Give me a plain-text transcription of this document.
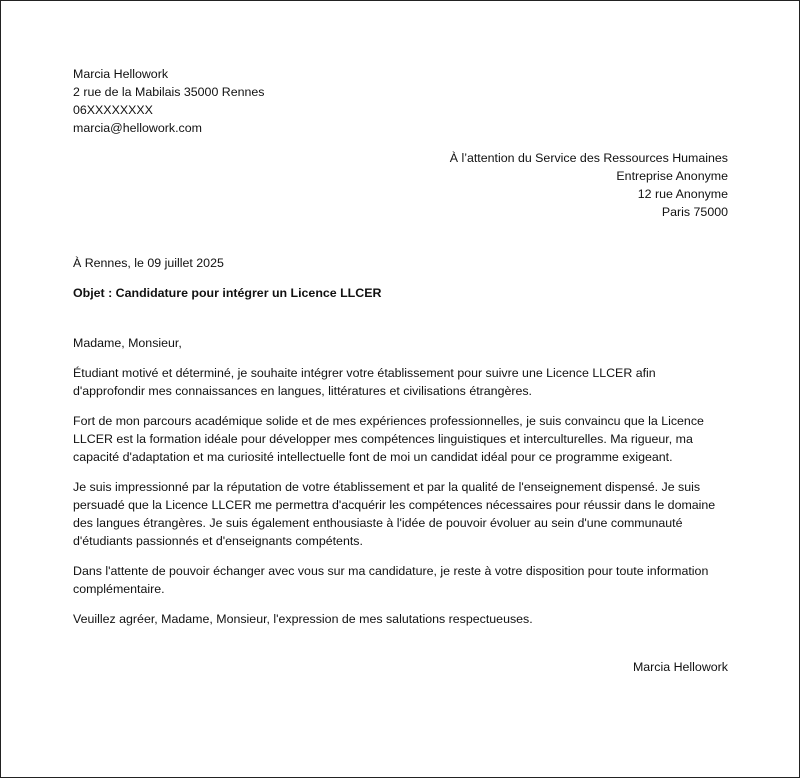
Marcia Hellowork
2 rue de la Mabilais 35000 Rennes
06XXXXXXXX
marcia@hellowork.com
À l’attention du Service des Ressources Humaines
Entreprise Anonyme
12 rue Anonyme
Paris 75000
À Rennes, le 09 juillet 2025
Objet : Candidature pour intégrer un Licence LLCER
Madame, Monsieur,

Étudiant motivé et déterminé, je souhaite intégrer votre établissement pour suivre une Licence LLCER afin d'approfondir mes connaissances en langues, littératures et civilisations étrangères.

Fort de mon parcours académique solide et de mes expériences professionnelles, je suis convaincu que la Licence LLCER est la formation idéale pour développer mes compétences linguistiques et interculturelles. Ma rigueur, ma capacité d'adaptation et ma curiosité intellectuelle font de moi un candidat idéal pour ce programme exigeant.

Je suis impressionné par la réputation de votre établissement et par la qualité de l'enseignement dispensé. Je suis persuadé que la Licence LLCER me permettra d'acquérir les compétences nécessaires pour réussir dans le domaine des langues étrangères. Je suis également enthousiaste à l'idée de pouvoir évoluer au sein d'une communauté d'étudiants passionnés et d'enseignants compétents.

Dans l'attente de pouvoir échanger avec vous sur ma candidature, je reste à votre disposition pour toute information complémentaire.

Veuillez agréer, Madame, Monsieur, l'expression de mes salutations respectueuses.

Marcia Hellowork
